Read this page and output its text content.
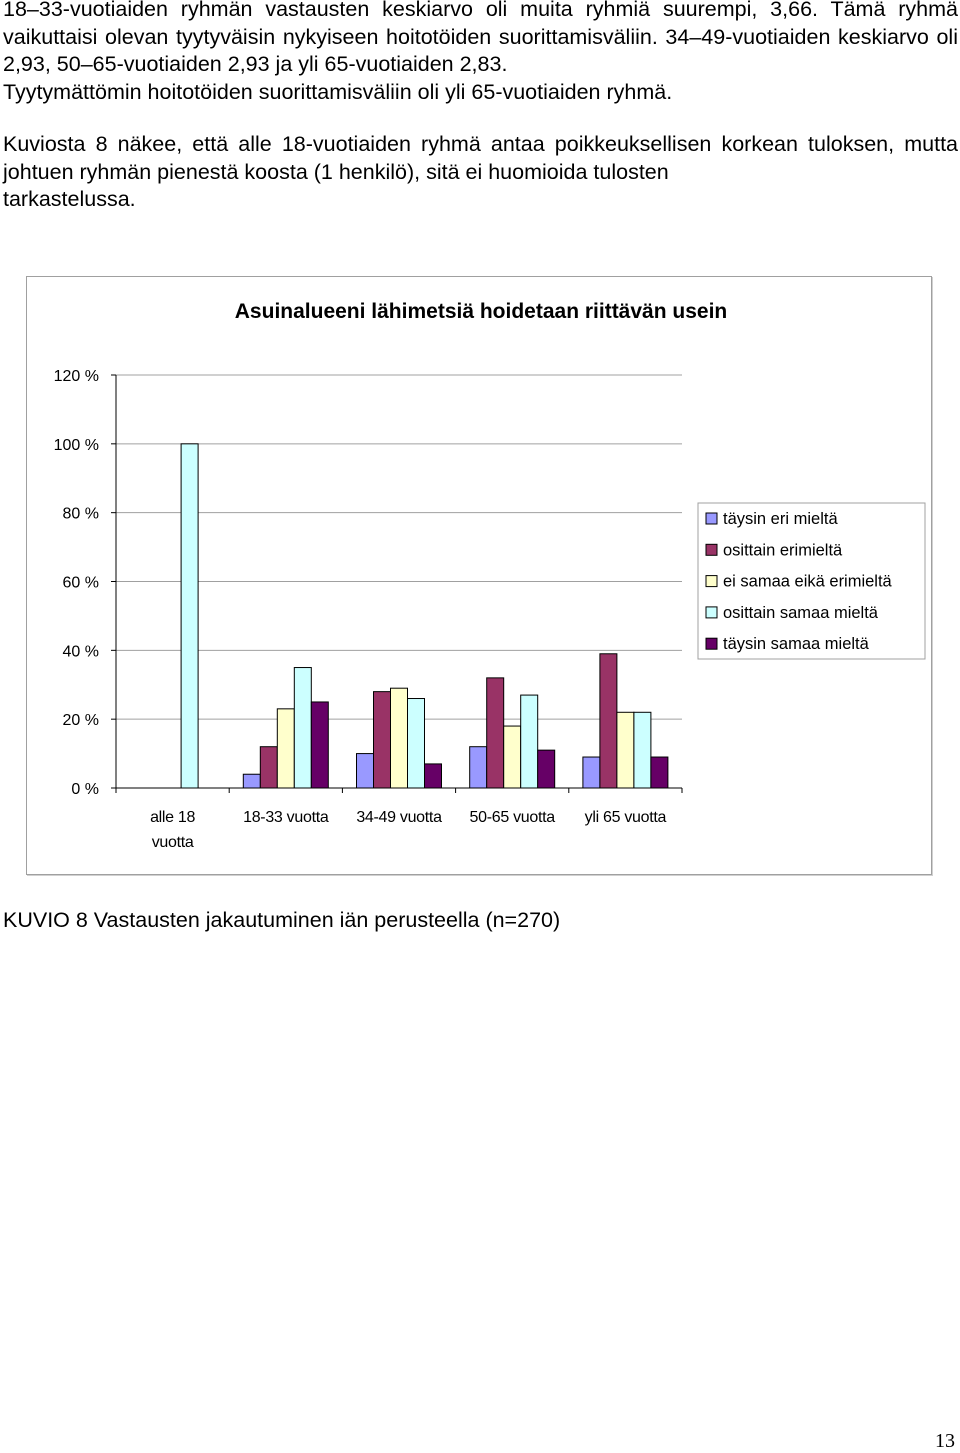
18–33-vuotiaiden ryhmän vastausten keskiarvo oli muita ryhmiä suurempi, 3,66. Tämä ryhmä vaikuttaisi olevan tyytyväisin nykyiseen hoitotöiden suorittamisväliin. 34–49-vuotiaiden keskiarvo oli 2,93, 50–65-vuotiaiden 2,93 ja yli 65-vuotiaiden 2,83.
Tyytymättömin hoitotöiden suorittamisväliin oli yli 65-vuotiaiden ryhmä.

Kuviosta 8 näkee, että alle 18-vuotiaiden ryhmä antaa poikkeuksellisen korkean tuloksen, mutta johtuen ryhmän pienestä koosta (1 henkilö), sitä ei huomioida tulosten
tarkastelussa.

Asuinalueeni lähimetsiä hoidetaan riittävän usein
0 %
20 %
40 %
60 %
80 %
100 %
120 %
alle 18 vuotta
18-33 vuotta 34-49 vuotta 50-65 vuotta yli 65 vuotta
täysin eri mieltä
osittain erimieltä
ei samaa eikä erimieltä
osittain samaa mieltä
täysin samaa mieltä
KUVIO 8 Vastausten jakautuminen iän perusteella (n=270)
13
